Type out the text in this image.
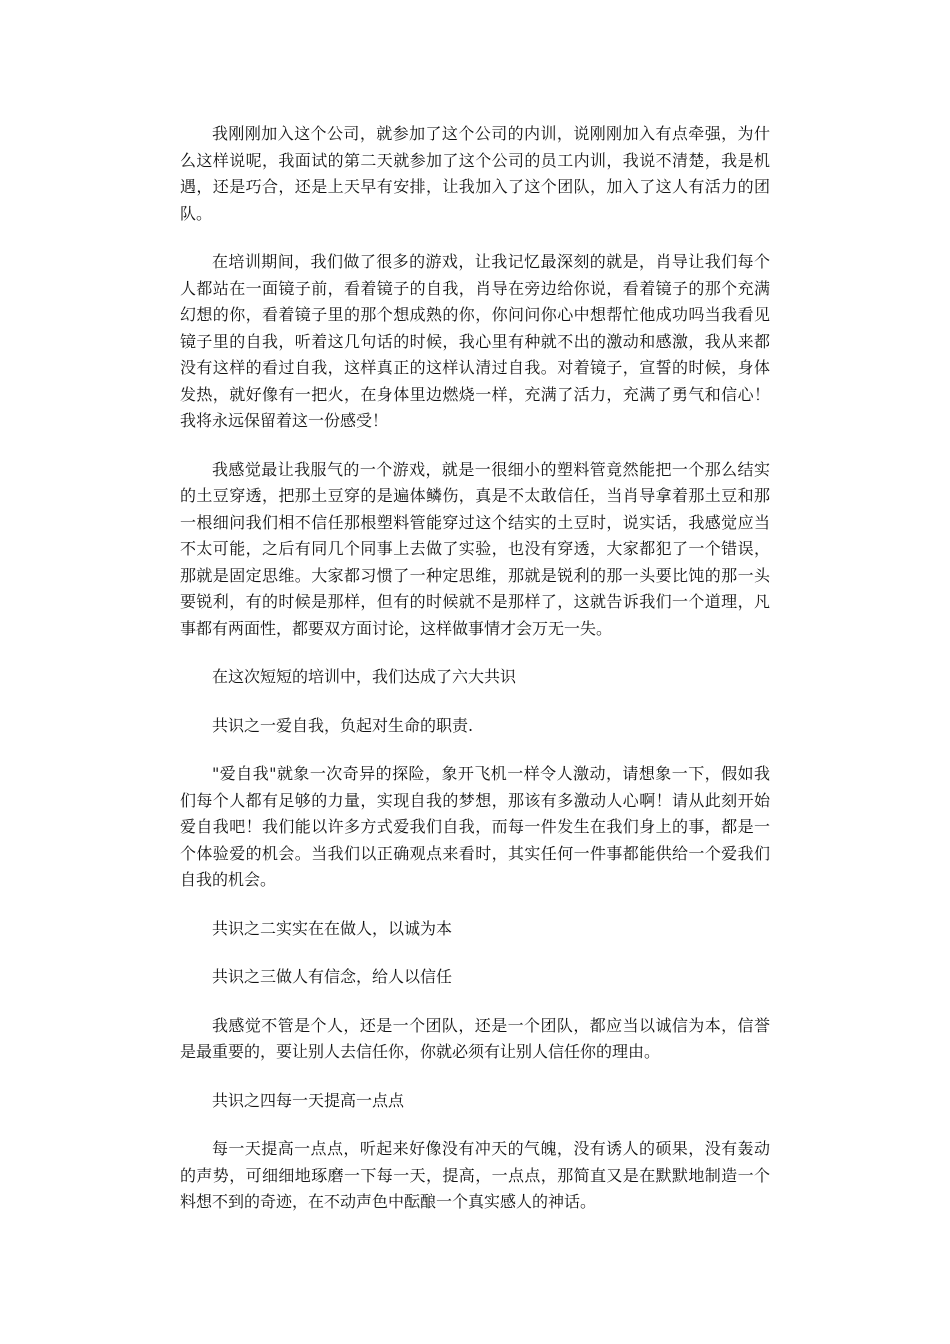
我刚刚加入这个公司，就参加了这个公司的内训，说刚刚加入有点牵强，为什么这样说呢，我面试的第二天就参加了这个公司的员工内训，我说不清楚，我是机遇，还是巧合，还是上天早有安排，让我加入了这个团队，加入了这人有活力的团队。

在培训期间，我们做了很多的游戏，让我记忆最深刻的就是，肖导让我们每个人都站在一面镜子前，看着镜子的自我，肖导在旁边给你说，看着镜子的那个充满幻想的你，看着镜子里的那个想成熟的你，你问问你心中想帮忙他成功吗当我看见镜子里的自我，听着这几句话的时候，我心里有种就不出的激动和感激，我从来都没有这样的看过自我，这样真正的这样认清过自我。对着镜子，宣誓的时候，身体发热，就好像有一把火，在身体里边燃烧一样，充满了活力，充满了勇气和信心！我将永远保留着这一份感受！

我感觉最让我服气的一个游戏，就是一很细小的塑料管竟然能把一个那么结实的土豆穿透，把那土豆穿的是遍体鳞伤，真是不太敢信任，当肖导拿着那土豆和那一根细问我们相不信任那根塑料管能穿过这个结实的土豆时，说实话，我感觉应当不太可能，之后有同几个同事上去做了实验，也没有穿透，大家都犯了一个错误，那就是固定思维。大家都习惯了一种定思维，那就是锐利的那一头要比饨的那一头要锐利，有的时候是那样，但有的时候就不是那样了，这就告诉我们一个道理，凡事都有两面性，都要双方面讨论，这样做事情才会万无一失。

在这次短短的培训中，我们达成了六大共识

共识之一爱自我，负起对生命的职责.

"爱自我"就象一次奇异的探险，象开飞机一样令人激动，请想象一下，假如我们每个人都有足够的力量，实现自我的梦想，那该有多激动人心啊！请从此刻开始爱自我吧！我们能以许多方式爱我们自我，而每一件发生在我们身上的事，都是一个体验爱的机会。当我们以正确观点来看时，其实任何一件事都能供给一个爱我们自我的机会。

共识之二实实在在做人，以诚为本

共识之三做人有信念，给人以信任

我感觉不管是个人，还是一个团队，还是一个团队，都应当以诚信为本，信誉是最重要的，要让别人去信任你，你就必须有让别人信任你的理由。

共识之四每一天提高一点点

每一天提高一点点，听起来好像没有冲天的气魄，没有诱人的硕果，没有轰动的声势，可细细地琢磨一下每一天，提高，一点点，那简直又是在默默地制造一个料想不到的奇迹，在不动声色中酝酿一个真实感人的神话。
